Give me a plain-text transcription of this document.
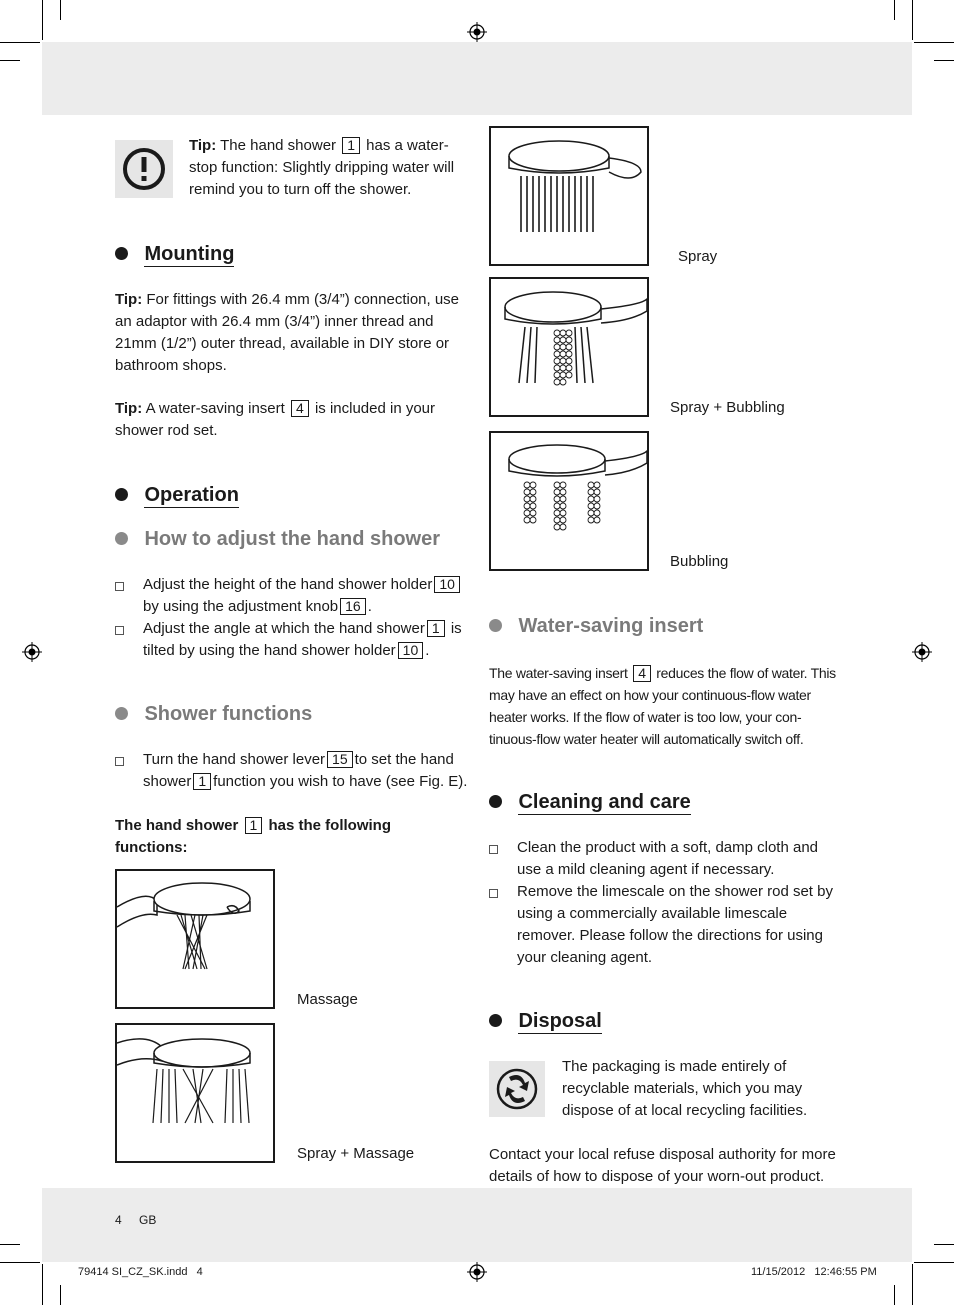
Tip: The hand shower 1 has a water-stop function: Slightly dripping water will remind you to turn off the shower.
Mounting
Tip: For fittings with 26.4 mm (3/4”) connection, use an adaptor with 26.4 mm (3/4”) inner thread and 21mm (1/2”) outer thread, available in DIY store or bathroom shops.
Tip: A water-saving insert 4 is included in your shower rod set.
Operation
How to adjust the hand shower
Adjust the height of the hand shower holder 10 by using the adjustment knob 16 .
Adjust the angle at which the hand shower 1 is tilted by using the hand shower holder 10 .
Shower functions
Turn the hand shower lever 15 to set the hand shower 1 function you wish to have (see Fig. E).
The hand shower 1 has the following functions:
Massage
Spray + Massage
Spray
Spray + Bubbling
Bubbling
Water-saving insert
The water-saving insert 4 reduces the flow of water. This may have an effect on how your continuous-flow water heater works. If the flow of water is too low, your con-tinuous-flow water heater will automatically switch off.
Cleaning and care
Clean the product with a soft, damp cloth and use a mild cleaning agent if necessary.
Remove the limescale on the shower rod set by using a commercially available limescale remover. Please follow the directions for using your cleaning agent.
Disposal
The packaging is made entirely of recyclable materials, which you may dispose of at local recycling facilities.
Contact your local refuse disposal authority for more details of how to dispose of your worn-out product.
4 GB
79414 SI_CZ_SK.indd   4	11/15/2012   12:46:55 PM
